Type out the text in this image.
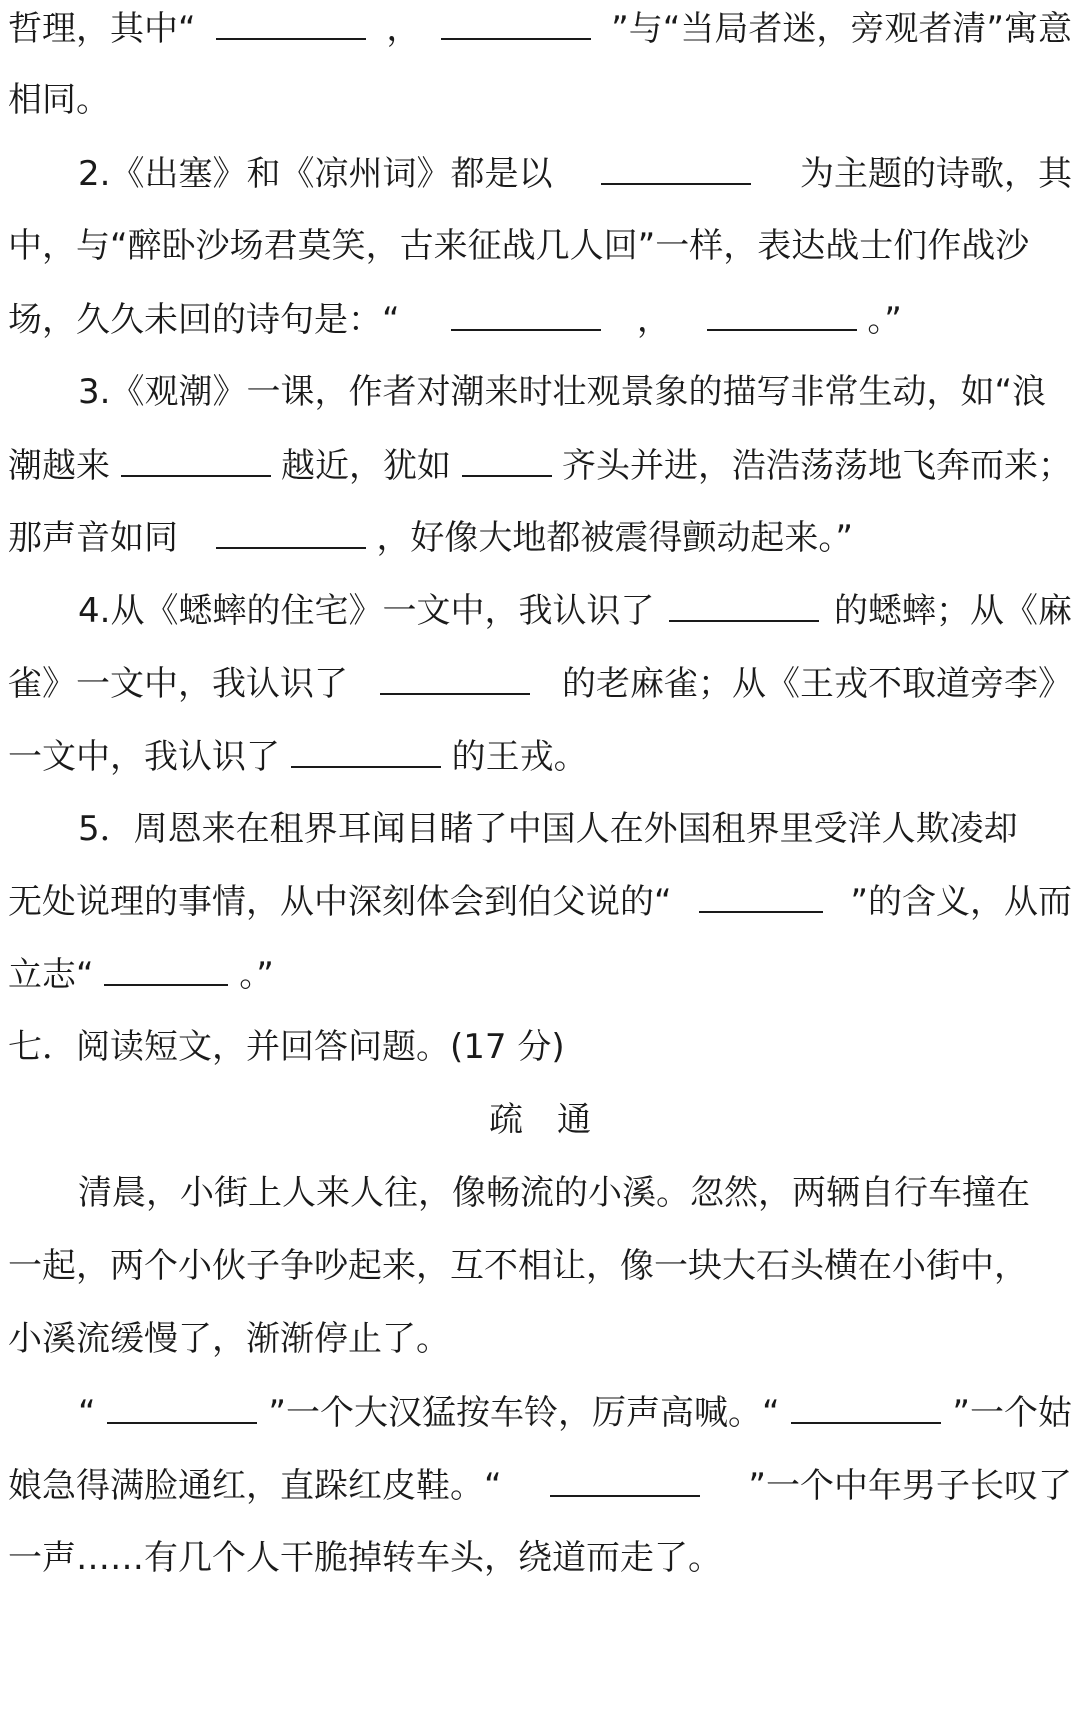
哲理，其中“	，	”与“当局者迷，旁观者清”寓意
相同。
2.《出塞》和《凉州词》都是以	为主题的诗歌，其
中，与“醉卧沙场君莫笑，古来征战几人回”一样，表达战士们作战沙
场，久久未回的诗句是：“	，	。”
3.《观潮》一课，作者对潮来时壮观景象的描写非常生动，如“浪
潮越来	越近，犹如	齐头并进，浩浩荡荡地飞奔而来；
那声音如同	，好像大地都被震得颤动起来。”
4.从《蟋蟀的住宅》一文中，我认识了	的蟋蟀；从《麻
雀》一文中，我认识了	的老麻雀；从《王戎不取道旁李》
一文中，我认识了	的王戎。
5．周恩来在租界耳闻目睹了中国人在外国租界里受洋人欺凌却
无处说理的事情，从中深刻体会到伯父说的“	”的含义，从而
立志“	。”
七．阅读短文，并回答问题。(17 分)
疏　通
清晨，小街上人来人往，像畅流的小溪。忽然，两辆自行车撞在
一起，两个小伙子争吵起来，互不相让，像一块大石头横在小街中，
小溪流缓慢了，渐渐停止了。
“	”一个大汉猛按车铃，厉声高喊。“	”一个姑
娘急得满脸通红，直跺红皮鞋。“	”一个中年男子长叹了
一声……有几个人干脆掉转车头，绕道而走了。
